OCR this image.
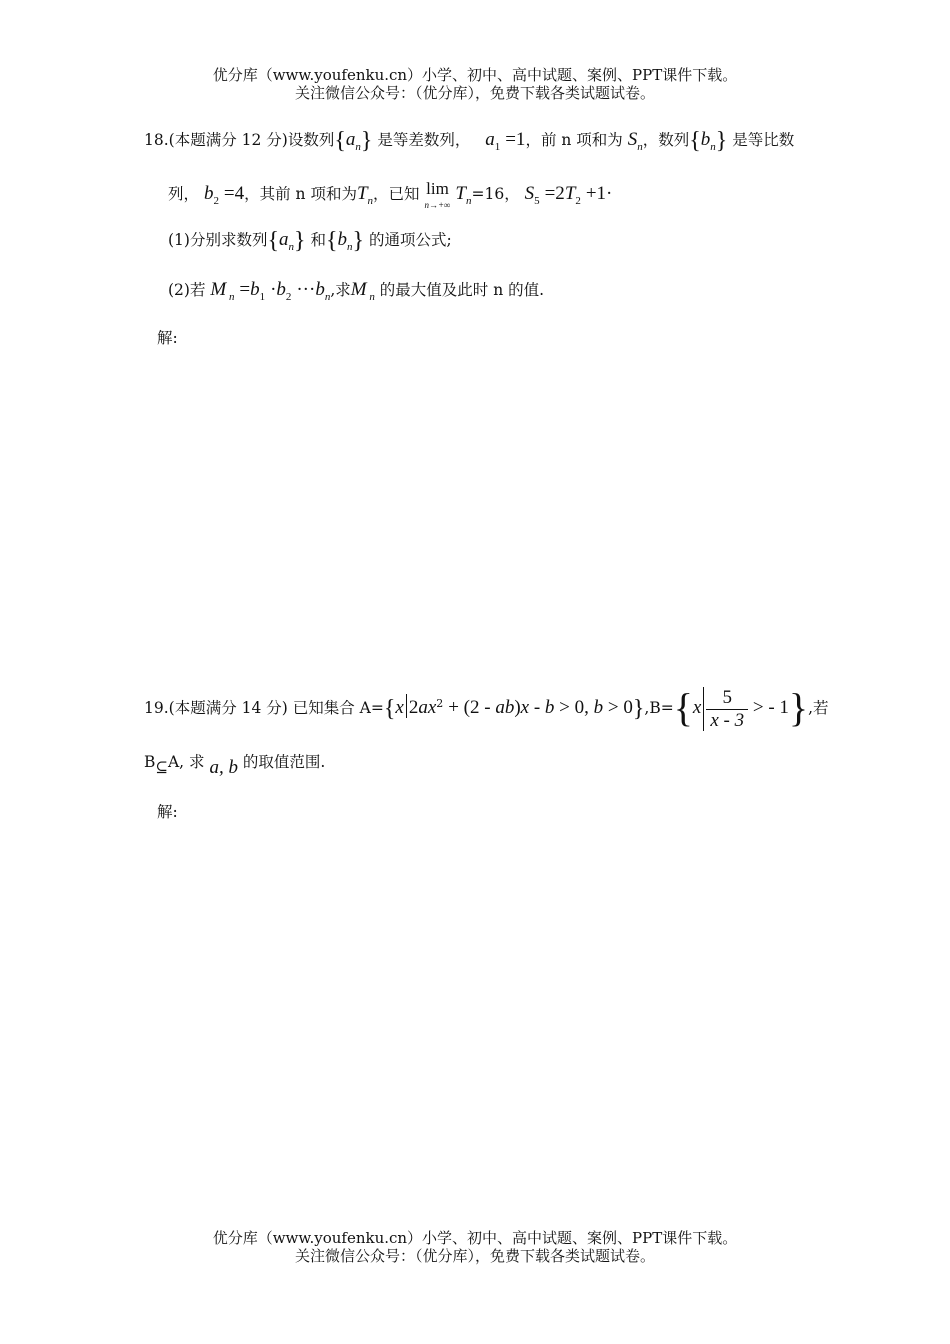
优分库（www.youfenku.cn）小学、初中、高中试题、案例、PPT课件下载。
关注微信公众号：（优分库），免费下载各类试题试卷。
18.(本题满分 12 分)设数列$\{a_n\}$ 是等差数列， $a_1 =1$，前 n 项和为 $S_n$，数列$\{b_n\}$ 是等比数
列， $b_2 =4$，其前 n 项和为$T_n$，已知 lim
n→+∞ $T_n=16$， $S_5 =2T_2 +1\cdot$
(1)分别求数列$\{a_n\}$ 和$\{b_n\}$ 的通项公式;
(2)若 M $_n =b_1 \cdot b_2 \cdot\cdot\cdot b_n$,求M $_n$ 的最大值及此时 n 的值.
解:
19.(本题满分 14 分) 已知集合 A={x $2ax^2 + (2 - ab)x - b > 0$, $b > 0\},B=\{x \frac{5}{x - 3}$ > - 1},若
B⊆A, 求 a, b 的取值范围.
解:
优分库（www.youfenku.cn）小学、初中、高中试题、案例、PPT课件下载。
关注微信公众号：（优分库），免费下载各类试题试卷。
